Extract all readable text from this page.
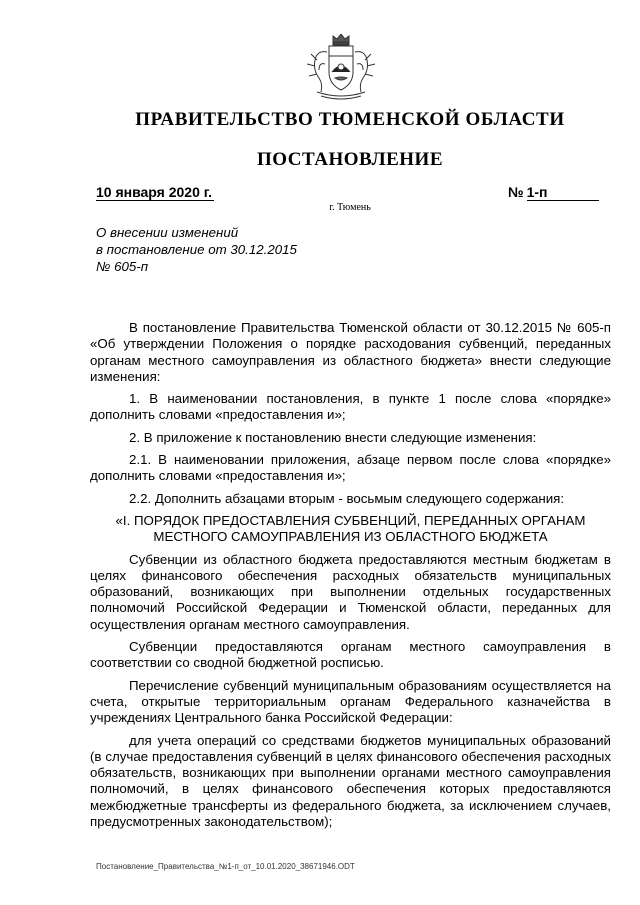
ПРАВИТЕЛЬСТВО ТЮМЕНСКОЙ ОБЛАСТИ
ПОСТАНОВЛЕНИЕ
10 января 2020 г.	№ 1-п
г. Тюмень
О внесении изменений
в постановление от 30.12.2015
№ 605-п

В постановление Правительства Тюменской области от 30.12.2015 № 605-п «Об утверждении Положения о порядке расходования субвенций, переданных органам местного самоуправления из областного бюджета» внести следующие изменения:

1. В наименовании постановления, в пункте 1 после слова «порядке» дополнить словами «предоставления и»;

2. В приложение к постановлению внести следующие изменения:

2.1. В наименовании приложения, абзаце первом после слова «порядке» дополнить словами «предоставления и»;

2.2. Дополнить абзацами вторым - восьмым следующего содержания:

«I. ПОРЯДОК ПРЕДОСТАВЛЕНИЯ СУБВЕНЦИЙ, ПЕРЕДАННЫХ ОРГАНАМ МЕСТНОГО САМОУПРАВЛЕНИЯ ИЗ ОБЛАСТНОГО БЮДЖЕТА

Субвенции из областного бюджета предоставляются местным бюджетам в целях финансового обеспечения расходных обязательств муниципальных образований, возникающих при выполнении отдельных государственных полномочий Российской Федерации и Тюменской области, переданных для осуществления органам местного самоуправления.

Субвенции предоставляются органам местного самоуправления в соответствии со сводной бюджетной росписью.

Перечисление субвенций муниципальным образованиям осуществляется на счета, открытые территориальным органам Федерального казначейства в учреждениях Центрального банка Российской Федерации:

для учета операций со средствами бюджетов муниципальных образований (в случае предоставления субвенций в целях финансового обеспечения расходных обязательств, возникающих при выполнении органами местного самоуправления полномочий, в целях финансового обеспечения которых предоставляются межбюджетные трансферты из федерального бюджета, за исключением случаев, предусмотренных законодательством);

Постановление_Правительства_№1-п_от_10.01.2020_38671946.ODT
